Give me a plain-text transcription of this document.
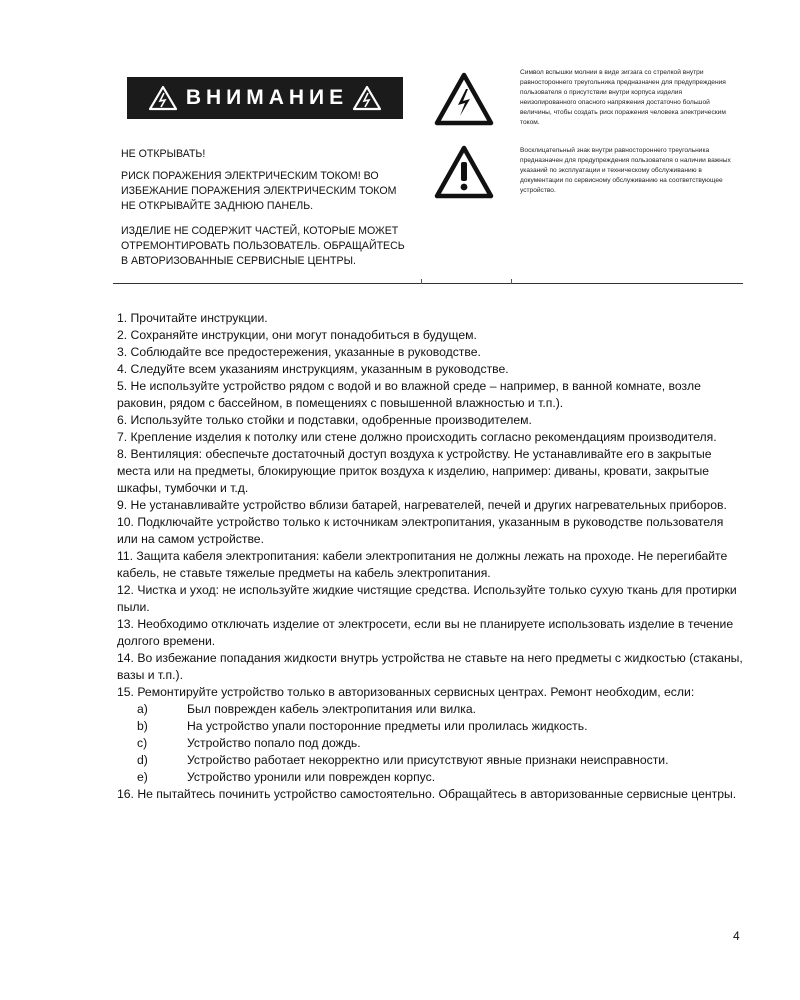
ВНИМАНИЕ

НЕ ОТКРЫВАТЬ!

РИСК ПОРАЖЕНИЯ ЭЛЕКТРИЧЕСКИМ ТОКОМ! ВО ИЗБЕЖАНИЕ ПОРАЖЕНИЯ ЭЛЕКТРИЧЕСКИМ ТОКОМ НЕ ОТКРЫВАЙТЕ ЗАДНЮЮ ПАНЕЛЬ.

ИЗДЕЛИЕ НЕ СОДЕРЖИТ ЧАСТЕЙ, КОТОРЫЕ МОЖЕТ ОТРЕМОНТИРОВАТЬ ПОЛЬЗОВАТЕЛЬ. ОБРАЩАЙТЕСЬ В АВТОРИЗОВАННЫЕ СЕРВИСНЫЕ ЦЕНТРЫ.

Символ вспышки молнии в виде зигзага со стрелкой внутри равностороннего треугольника предназначен для предупреждения пользователя о присутствии внутри корпуса изделия неизолированного опасного напряжения достаточно большой величины, чтобы создать риск поражения человека электрическим током.
Восклицательный знак внутри равностороннего треугольника предназначен для предупреждения пользователя о наличии важных указаний по эксплуатации и техническому обслуживанию в документации по сервисному обслуживанию на соответствующее устройство.

1. Прочитайте инструкции.

2. Сохраняйте инструкции, они могут понадобиться в будущем.

3. Соблюдайте все предостережения, указанные в руководстве.

4. Следуйте всем указаниям инструкциям, указанным в руководстве.

5. Не используйте устройство рядом с водой и во влажной среде – например, в ванной комнате, возле раковин, рядом с бассейном, в помещениях с повышенной влажностью и т.п.).

6. Используйте только стойки и подставки, одобренные производителем.

7. Крепление изделия к потолку или стене должно происходить согласно рекомендациям производителя.

8. Вентиляция: обеспечьте достаточный доступ воздуха к устройству. Не устанавливайте его в закрытые места или на предметы, блокирующие приток воздуха к изделию, например: диваны, кровати, закрытые шкафы, тумбочки и т.д.

9. Не устанавливайте устройство вблизи батарей, нагревателей, печей и других нагревательных приборов.

10. Подключайте устройство только к источникам электропитания, указанным в руководстве пользователя или на самом устройстве.

11. Защита кабеля электропитания: кабели электропитания не должны лежать на проходе. Не перегибайте кабель, не ставьте тяжелые предметы на кабель электропитания.

12. Чистка и уход: не используйте жидкие чистящие средства. Используйте только сухую ткань для протирки пыли.

13. Необходимо отключать изделие от электросети, если вы не планируете использовать изделие в течение долгого времени.

14. Во избежание попадания жидкости внутрь устройства не ставьте на него предметы с жидкостью (стаканы, вазы и т.п.).

15. Ремонтируйте устройство только в авторизованных сервисных центрах. Ремонт необходим, если:

a)	Был поврежден кабель электропитания или вилка.
b)	На устройство упали посторонние предметы или пролилась жидкость.
c)	Устройство попало под дождь.
d)	Устройство работает некорректно или присутствуют явные признаки неисправности.
e)	Устройство уронили или поврежден корпус.

16. Не пытайтесь починить устройство самостоятельно. Обращайтесь в авторизованные сервисные центры.

4
